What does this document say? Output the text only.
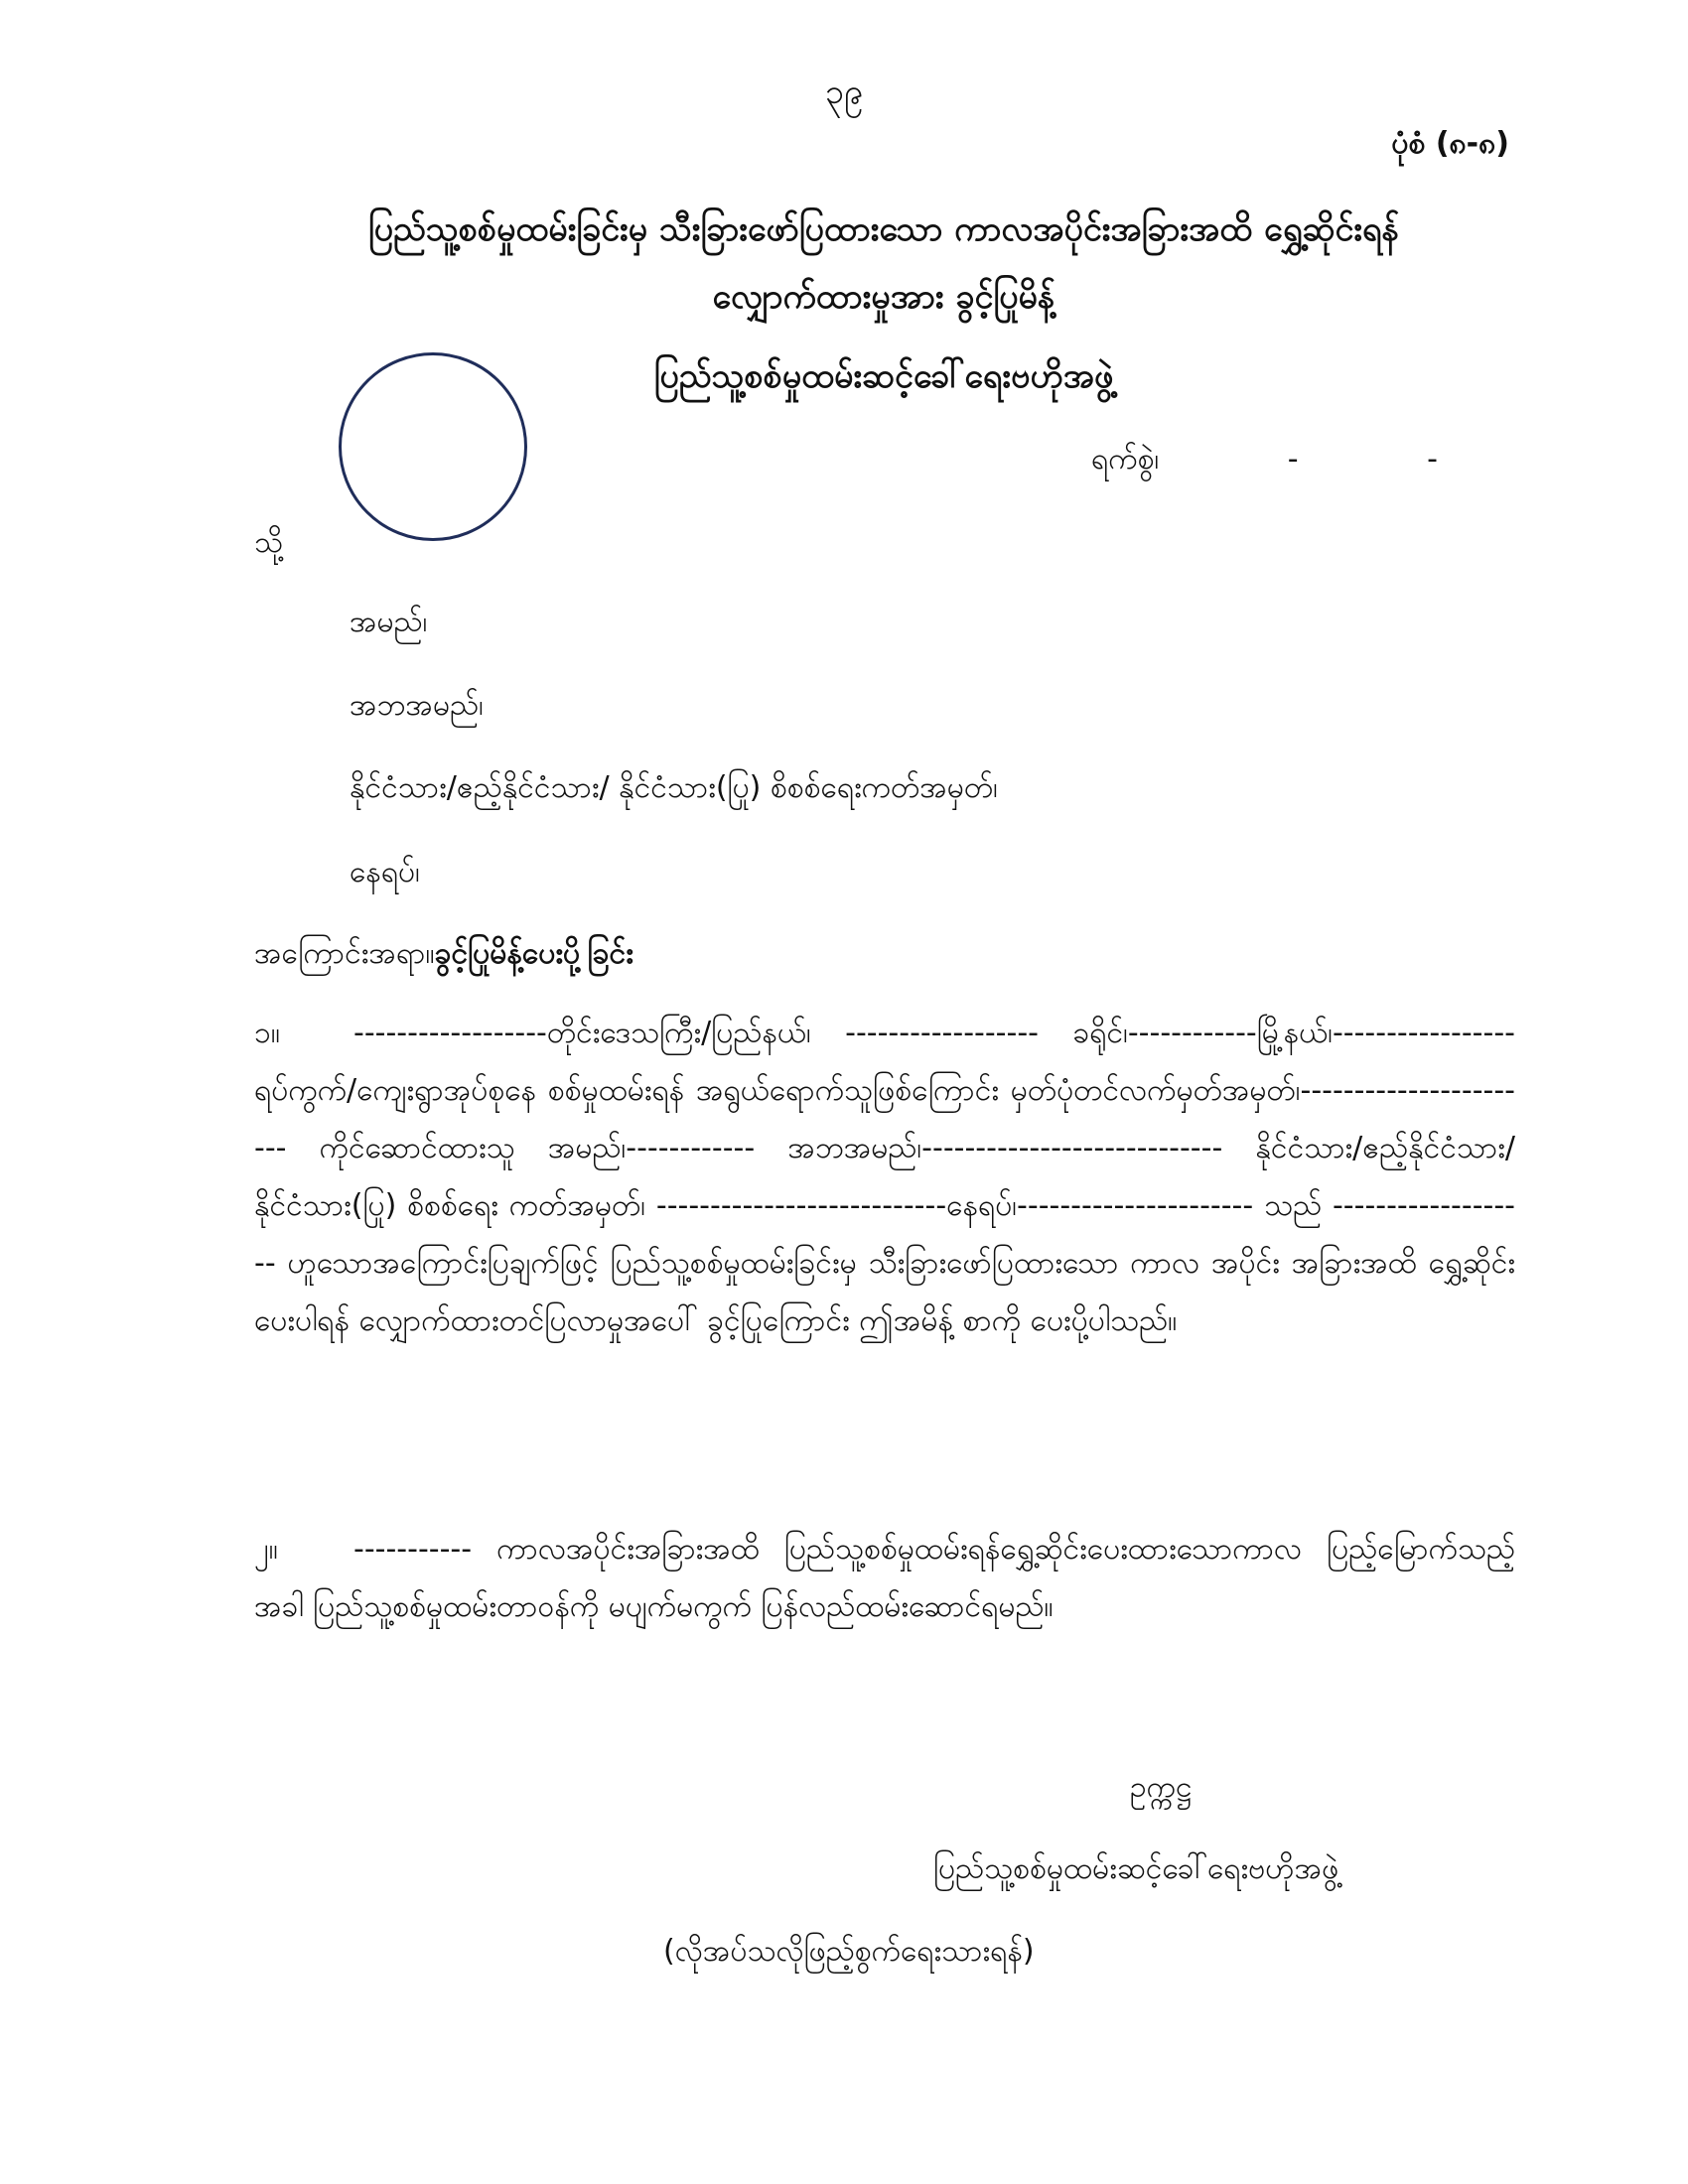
၃၉
ပုံစံ (၈-၈)
ပြည်သူ့စစ်မှုထမ်းခြင်းမှ သီးခြားဖော်ပြထားသော ကာလအပိုင်းအခြားအထိ ရွှေ့ဆိုင်းရန်
လျှောက်ထားမှုအား ခွင့်ပြုမိန့်
ပြည်သူ့စစ်မှုထမ်းဆင့်ခေါ်ရေးဗဟိုအဖွဲ့
ရက်စွဲ၊	-	-
သို့
အမည်၊
အဘအမည်၊
နိုင်ငံသား/ဧည့်နိုင်ငံသား/ နိုင်ငံသား(ပြု) စိစစ်ရေးကတ်အမှတ်၊
နေရပ်၊
အကြောင်းအရာ။ခွင့်ပြုမိန့်ပေးပို့ခြင်း
၁။ ------------------တိုင်းဒေသကြီး/ပြည်နယ်၊ ------------------ ခရိုင်၊------------မြို့နယ်၊----------------- ရပ်ကွက်/ကျေးရွာအုပ်စုနေ စစ်မှုထမ်းရန် အရွယ်ရောက်သူဖြစ်ကြောင်း မှတ်ပုံတင်လက်မှတ်အမှတ်၊----------------------- ကိုင်ဆောင်ထားသူ အမည်၊------------ အဘအမည်၊---------------------------- နိုင်ငံသား/ဧည့်နိုင်ငံသား/ နိုင်ငံသား(ပြု) စိစစ်ရေး ကတ်အမှတ်၊ ---------------------------နေရပ်၊---------------------- သည် ------------------- ဟူသောအကြောင်းပြချက်ဖြင့် ပြည်သူ့စစ်မှုထမ်းခြင်းမှ သီးခြားဖော်ပြထားသော ကာလ အပိုင်း အခြားအထိ ရွှေ့ဆိုင်းပေးပါရန် လျှောက်ထားတင်ပြလာမှုအပေါ် ခွင့်ပြုကြောင်း ဤအမိန့် စာကို ပေးပို့ပါသည်။
၂။	----------- ကာလအပိုင်းအခြားအထိ ပြည်သူ့စစ်မှုထမ်းရန်ရွှေ့ဆိုင်းပေးထားသောကာလ ပြည့်မြောက်သည့်အခါ ပြည်သူ့စစ်မှုထမ်းတာဝန်ကို မပျက်မကွက် ပြန်လည်ထမ်းဆောင်ရမည်။
ဥက္ကဋ္ဌ
ပြည်သူ့စစ်မှုထမ်းဆင့်ခေါ်ရေးဗဟိုအဖွဲ့
(လိုအပ်သလိုဖြည့်စွက်ရေးသားရန်)
